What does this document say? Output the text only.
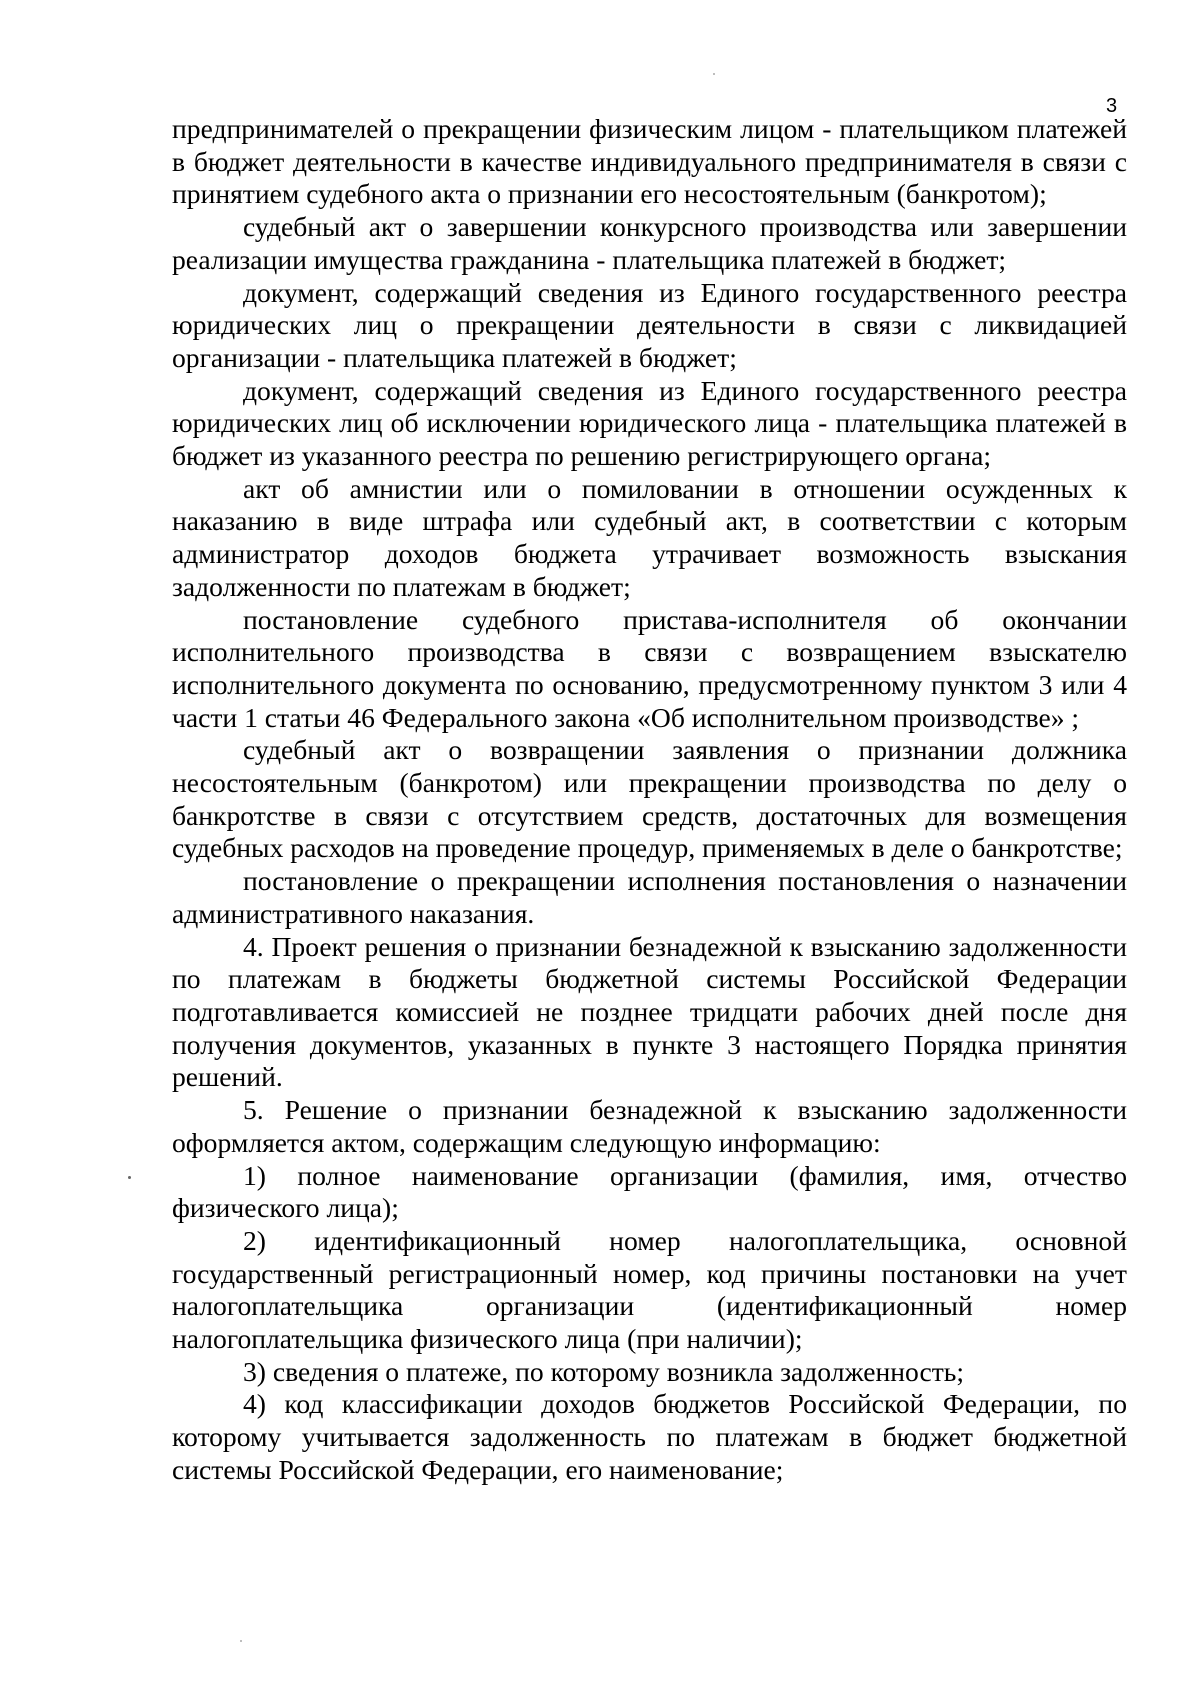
3

предпринимателей о прекращении физическим лицом - плательщиком платежей в бюджет деятельности в качестве индивидуального предпринимателя в связи с принятием судебного акта о признании его несостоятельным (банкротом);

судебный акт о завершении конкурсного производства или завершении реализации имущества гражданина - плательщика платежей в бюджет;

документ, содержащий сведения из Единого государственного реестра юридических лиц о прекращении деятельности в связи с ликвидацией организации - плательщика платежей в бюджет;

документ, содержащий сведения из Единого государственного реестра юридических лиц об исключении юридического лица - плательщика платежей в бюджет из указанного реестра по решению регистрирующего органа;

акт об амнистии или о помиловании в отношении осужденных к наказанию в виде штрафа или судебный акт, в соответствии с которым администратор доходов бюджета утрачивает возможность взыскания задолженности по платежам в бюджет;

постановление судебного пристава-исполнителя об окончании исполнительного производства в связи с возвращением взыскателю исполнительного документа по основанию, предусмотренному пунктом 3 или 4 части 1 статьи 46 Федерального закона «Об исполнительном производстве» ;

судебный акт о возвращении заявления о признании должника несостоятельным (банкротом) или прекращении производства по делу о банкротстве в связи с отсутствием средств, достаточных для возмещения судебных расходов на проведение процедур, применяемых в деле о банкротстве;

постановление о прекращении исполнения постановления о назначении административного наказания.

4. Проект решения о признании безнадежной к взысканию задолженности по платежам в бюджеты бюджетной системы Российской Федерации подготавливается комиссией не позднее тридцати рабочих дней после дня получения документов, указанных в пункте 3 настоящего Порядка принятия решений.

5. Решение о признании безнадежной к взысканию задолженности оформляется актом, содержащим следующую информацию:

1) полное наименование организации (фамилия, имя, отчество физического лица);

2) идентификационный номер налогоплательщика, основной государственный регистрационный номер, код причины постановки на учет налогоплательщика организации (идентификационный номер налогоплательщика физического лица (при наличии);

3) сведения о платеже, по которому возникла задолженность;

4) код классификации доходов бюджетов Российской Федерации, по которому учитывается задолженность по платежам в бюджет бюджетной системы Российской Федерации, его наименование;
